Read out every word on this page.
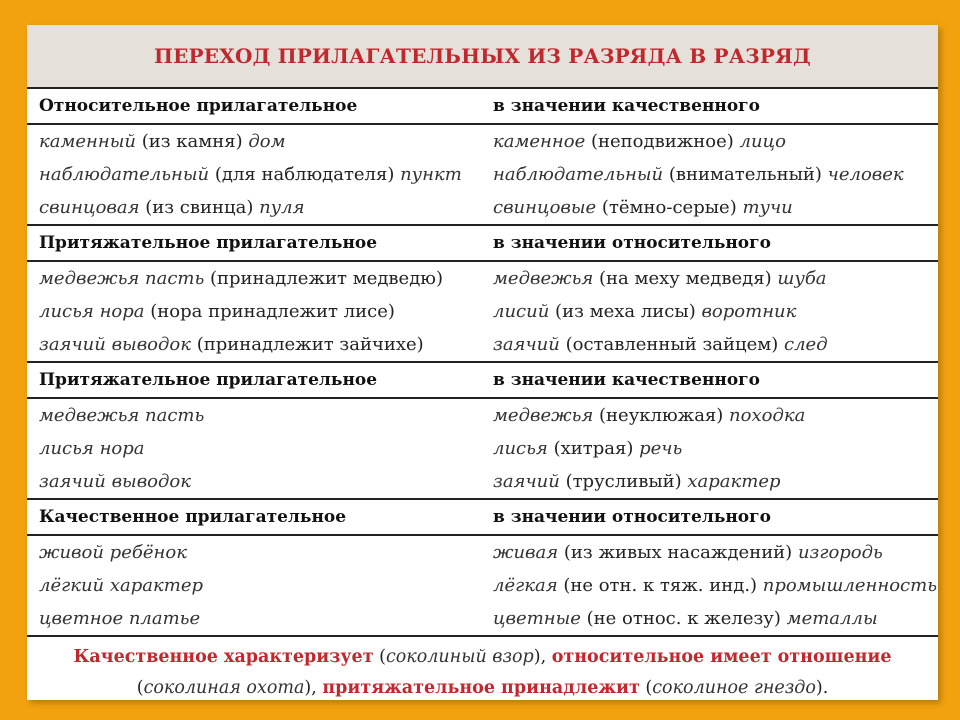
ПЕРЕХОД ПРИЛАГАТЕЛЬНЫХ ИЗ РАЗРЯДА В РАЗРЯД
Относительное прилагательное	в значении качественного
каменный (из камня) дом	каменное (неподвижное) лицо
наблюдательный (для наблюдателя) пункт	наблюдательный (внимательный) человек
свинцовая (из свинца) пуля	свинцовые (тёмно-серые) тучи
Притяжательное прилагательное	в значении относительного
медвежья пасть (принадлежит медведю)	медвежья (на меху медведя) шуба
лисья нора (нора принадлежит лисе)	лисий (из меха лисы) воротник
заячий выводок (принадлежит зайчихе)	заячий (оставленный зайцем) след
Притяжательное прилагательное	в значении качественного
медвежья пасть	медвежья (неуклюжая) походка
лисья нора	лисья (хитрая) речь
заячий выводок	заячий (трусливый) характер
Качественное прилагательное	в значении относительного
живой ребёнок	живая (из живых насаждений) изгородь
лёгкий характер	лёгкая (не отн. к тяж. инд.) промышленность
цветное платье	цветные (не относ. к железу) металлы
Качественное характеризует (соколиный взор), относительное имеет отношение
(соколиная охота), притяжательное принадлежит (соколиное гнездо).
